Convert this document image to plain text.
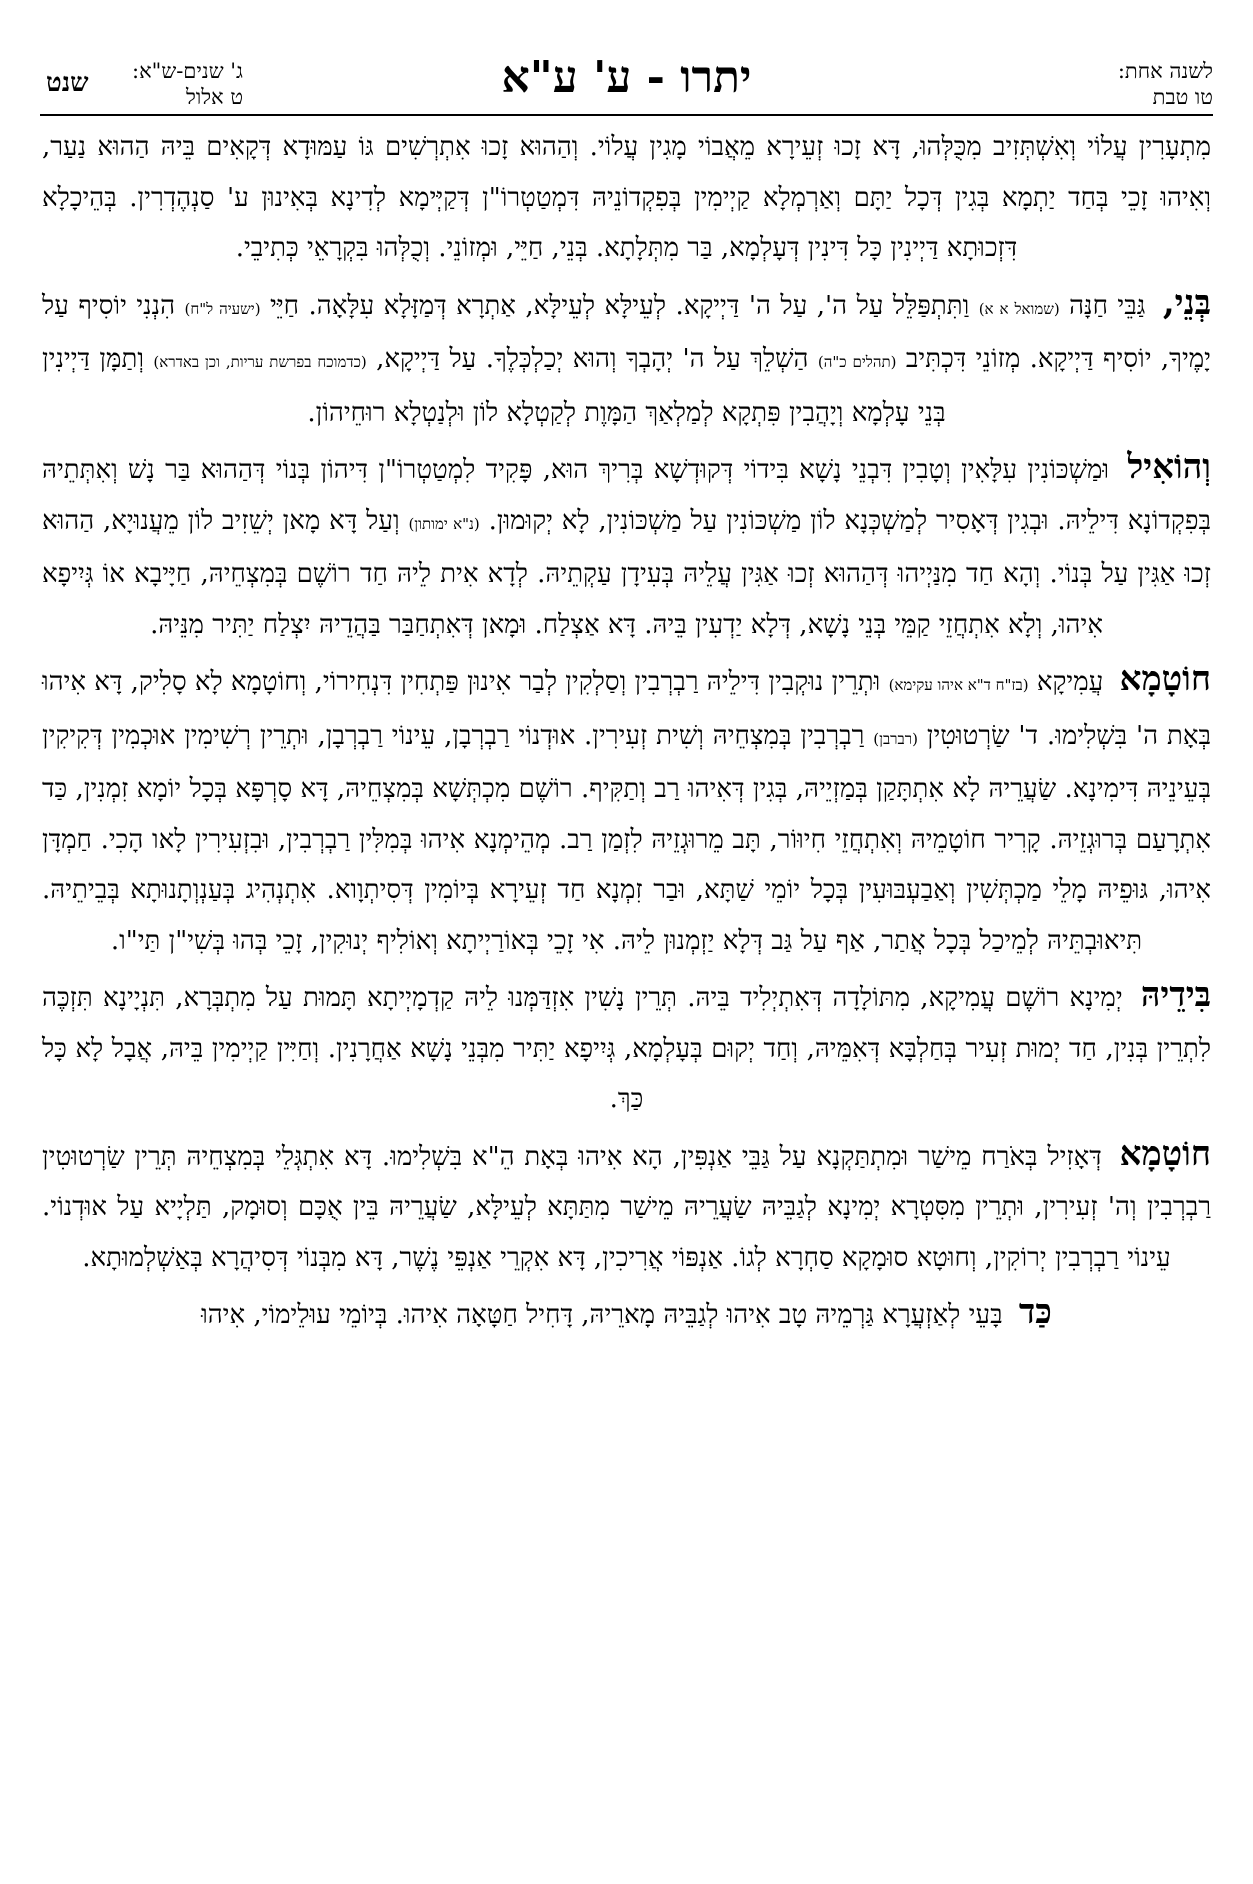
לשנה אחת:
טו טבת
יתרו - ע' ע"א
ג' שנים-ש"א:
ט אלול
שנט

מִתְעָרִין עֲלוֹי וְאִשְׁתְּזִיב מִכֻּלְּהוּ, דָּא זָכוּ זְעֵירָא מֵאֲבוֹי מָגִין עֲלוֹי. וְהַהוּא זָכוּ אִתְרְשִׁים גּוֹ עַמּוּדָא דְּקָאִים בֵּיהּ הַהוּא נַעַר, וְאִיהוּ זָכֵי בְּחַד יַתְמָא בְּגִין דְּכָל יַתָּם וְאַרְמְלָא קַיְימִין בְּפִקְדוֹנֵיהּ דִּמְטַטְרוֹ"ן דְּקַיְּימָא לְדִינָא בְּאִינוּן ע' סַנְהֶדְרִין. בְּהֵיכָלָא דִּזְכוּתָא דַּיְינִין כָּל דִּינִין דְּעָלְמָא, בַּר מִתְּלָתָא. בְּנֵי, חַיֵּי, וּמְזוֹנֵי. וְכֻלְּהוּ בִּקְרָאֵי כְּתִיבֵי.

בְּנֵי, גַּבֵּי חַנָּה (שמואל א א) וַתִּתְפַּלֵּל עַל ה', עַל ה' דַּיְיקָא. לְעֵילָּא לְעֵילָּא, אַתְרָא דְּמַזָּלָא עִלָּאָה. חַיֵּי (ישעיה ל"ח) הִנְנִי יוֹסִיף עַל יָמֶיךָ, יוֹסִיף דַּיְיקָא. מְזוֹנֵי דִּכְתִּיב (תהלים כ"ה) הַשְׁלֵךְ עַל ה' יְהָבְךָ וְהוּא יְכַלְכְּלֶךָ. עַל דַּיְיקָא, (כדמוכח בפרשת עריות, וכן באדרא) וְתַמָּן דַּיְינִין בְּנֵי עָלְמָא וְיָהֲבִין פִּתְקָא לְמַלְאַךְ הַמָּוֶת לְקַטְלָא לוֹן וּלְנַטְלָא רוּחֵיהוֹן.

וְהוֹאִיל וּמַשְׁכּוֹנִין עִלָּאִין וְטָבִין דִּבְנֵי נָשָׁא בִּידוֹי דְּקוּדְשָׁא בְּרִיךְ הוּא, פָּקִיד לִמְטַטְרוֹ"ן דִּיהוֹן בְּנוֹי דְּהַהוּא בַּר נָשׁ וְאִתְּתֵיהּ בְּפִקְדוֹנָא דִּילֵיהּ. וּבְגִין דְּאָסִיר לְמַשְׁכְּנָא לוֹן מַשְׁכּוֹנִין עַל מַשְׁכּוֹנִין, לָא יְקוּמוּן. (נ"א ימותון) וְעַל דָּא מָאן יְשֵׁזִיב לוֹן מֵעֲנוּיָא, הַהוּא זְכוּ אַגִּין עַל בְּנוֹי. וְהָא חַד מִנַּיְיהוּ דְּהַהוּא זְכוּ אַגִּין עֲלֵיהּ בְּעִידָן עַקְתֵיהּ. לְדָא אִית לֵיהּ חַד רוֹשֶׁם בְּמִצְחֵיהּ, חַיָּיבָא אוֹ גְּיִיפָא אִיהוּ, וְלָא אִתְחֲזֵי קַמֵּי בְּנֵי נָשָׁא, דְּלָא יַדְעִין בֵּיהּ. דָּא אַצְלַח. וּמָאן דְּאִתְחַבַּר בַּהֲדֵיהּ יִצְלַח יַתִּיר מִנֵּיהּ.

חוֹטָמָא עֲמִיקָא (בז"ח ד"א איהו עקימא) וּתְרֵין נוּקְבִין דִּילֵיהּ רַבְרְבִין וְסַלְקִין לְבַר אִינוּן פַּתְחִין דִּנְחִירוֹי, וְחוֹטָמָא לָא סָלִיק, דָּא אִיהוּ בְּאָת ה' בִּשְׁלִימוּ. ד' שַׂרְטוּטִין (רברבן) רַבְרְבִין בְּמִצְחֵיהּ וְשִׁית זְעִירִין. אוּדְנוֹי רַבְרְבָן, עֵינוֹי רַבְרְבָן, וּתְרֵין רְשִׁימִין אוּכְמִין דְּקִיקִין בְּעֵינֵיהּ דִּימִינָא. שַׂעֲרֵיהּ לָא אִתְתָּקַן בְּמַזְיֵיהּ, בְּגִין דְּאִיהוּ רַב וְתַקִּיף. רוֹשֶׁם מִכְתְּשָׁא בְּמִצְחֵיהּ, דָּא סָרְפָּא בְּכָל יוֹמָא זִמְנִין, כַּד אִתְרָעַם בְּרוּגְזֵיהּ. קָרִיר חוֹטָמֵיהּ וְאִתְחֲזֵי חִיוּוֹר, תָּב מֵרוּגְזֵיהּ לִזְמַן רַב. מְהֵימְנָא אִיהוּ בְּמִלִּין רַבְרְבִין, וּבִזְעִירִין לָאו הָכִי. חַמְדָּן אִיהוּ, גּוּפֵיהּ מָלֵי מַכְתְּשִׁין וְאַבַעְבּוּעִין בְּכָל יוֹמֵי שַׁתָּא, וּבַר זִמְנָא חַד זְעֵירָא בְּיוֹמִין דְּסִיתְוָוא. אִתְנְהִיג בְּעַנְוְתָנוּתָא בְּבֵיתֵיהּ. תִּיאוּבְתֵּיהּ לְמֵיכַל בְּכָל אֲתַר, אַף עַל גַּב דְּלָא יַזְמְנוּן לֵיהּ. אִי זָכֵי בְּאוֹרַיְיתָא וְאוֹלִיף יְנוּקִין, זָכֵי בְּהוּ בְּשִׁי"ן תַּי"ו.

בִּידֵיהּ יְמִינָא רוֹשֶׁם עֲמִיקָא, מִתּוֹלָדָה דְּאִתְיְלִיד בֵּיהּ. תְּרֵין נָשִׁין אִזְדַּמְּנוּ לֵיהּ קַדְמָיְיתָא תָּמוּת עַל מִתְבְּרָא, תִּנְיָינָא תִּזְכֶּה לִתְרֵין בְּנִין, חַד יְמוּת זְעִיר בְּחַלְבָּא דְּאִמֵּיהּ, וְחַד יְקוּם בְּעָלְמָא, גְּיִיפָא יַתִּיר מִבְּנֵי נָשָׁא אַחֲרָנִין. וְחַיִּין קַיְימִין בֵּיהּ, אֲבָל לָא כָּל כַּךְ.

חוֹטָמָא דְּאָזִיל בְּאֹרַח מֵישַׁר וּמִתְתַּקְנָא עַל גַּבֵּי אַנְפִּין, הָא אִיהוּ בְּאָת הֵ"א בִּשְׁלִימוּ. דָּא אִתְגְּלֵי בְּמִצְחֵיהּ תְּרֵין שַׂרְטוּטִין רַבְרְבִין וְה' זְעִירִין, וּתְרֵין מִסִּטְרָא יְמִינָא לְגַבֵּיהּ שַׂעֲרֵיהּ מֵישַׁר מִתַּתָּא לְעֵילָּא, שַׂעֲרֵיהּ בֵּין אֻכָּם וְסוּמָק, תַּלְיָיא עַל אוּדְנוֹי. עֵינוֹי רַבְרְבִין יְרוֹקִין, וְחוּטָא סוּמָקָא סַחְרָא לְגוֹ. אַנְפּוֹי אֲרִיכִין, דָּא אִקְרֵי אַנְפֵּי נֶשֶׁר, דָּא מִבְּנוֹי דְּסִיהֲרָא בְּאַשְׁלְמוּתָא.

כַּד בָּעֵי לְאַזְעֲרָא גַּרְמֵיהּ טָב אִיהוּ לְגַבֵּיהּ מָארֵיהּ, דָּחִיל חַטָּאָה אִיהוּ. בְּיוֹמֵי עוּלֵימוֹי, אִיהוּ
